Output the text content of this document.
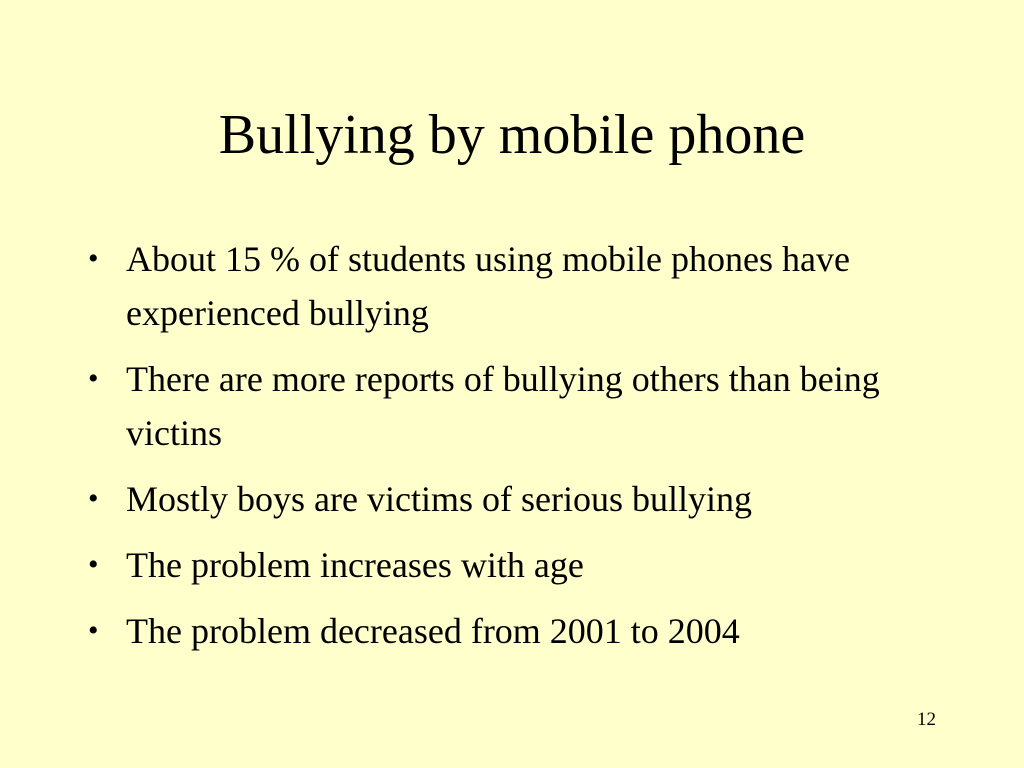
Bullying by mobile phone
• About 15 % of students using mobile phones have experienced bullying
• There are more reports of bullying others than being victins
• Mostly boys are victims of serious bullying
• The problem increases with age
• The problem decreased from 2001 to 2004
12
